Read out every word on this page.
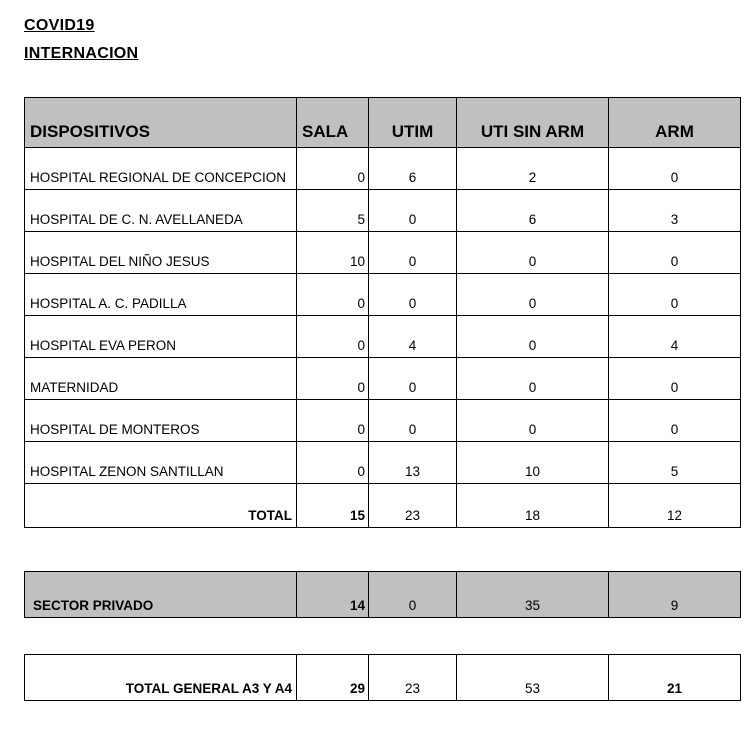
COVID19
INTERNACION
DISPOSITIVOS	SALA	UTIM	UTI SIN ARM	ARM
HOSPITAL REGIONAL DE CONCEPCION	0	6	2	0
HOSPITAL DE C. N. AVELLANEDA	5	0	6	3
HOSPITAL DEL NIÑO JESUS	10	0	0	0
HOSPITAL A. C. PADILLA	0	0	0	0
HOSPITAL EVA PERON	0	4	0	4
MATERNIDAD	0	0	0	0
HOSPITAL DE MONTEROS	0	0	0	0
HOSPITAL ZENON SANTILLAN	0	13	10	5
TOTAL	15	23	18	12
SECTOR PRIVADO	14	0	35	9
TOTAL GENERAL A3 Y A4	29	23	53	21
